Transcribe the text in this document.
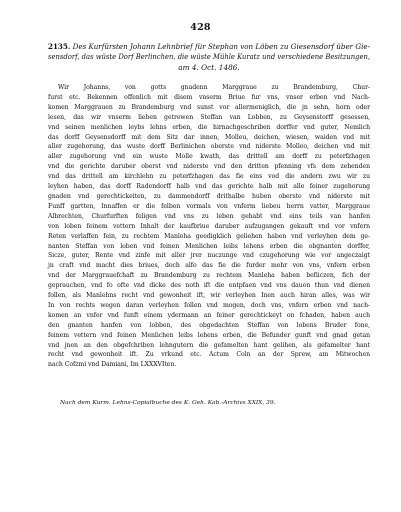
428
2135. Des Kurfürsten Johann Lehnbrief für Stephan von Löben zu Giesensdorf über Gie-
sensdorf, das wüste Dorf Berlinchen, die wüste Mühle Kuratz und verschiedene Besitzungen,
am 4. Oct. 1486.
Wir Johanns, von gotts gnadenn Marggraue zu Brandemburg, Chur-
furst etc. Bekennen offenlich mit disem vnserm Briue fur vns, vnser erben vnd Nach-
komen Marggrauen zu Brandemburg vnd sunst vor allermeniglich, die jn sehn, horn oder
lesen, das wir vnserm lieben getrewen Steffan van Lobben, zu Geysenstorff gesessen,
vnd seinen menlichen leybs lehns erben, die hirnachgeschriben dorffer vnd guter, Nemlich
das dorff Geysensdorff mit dem Sitz dar innen, Molleu, deichen, wiesen, waiden vnd mit
aller zugehorung, das wuste dorff Berlinichen oberste vnd niderste Molleo, deichen vnd mit
aller zugehorung vnd ein wuste Molle kwath, das drittell am dorff zu peterfzhagen
vnd die gerichte daruber oberst vnd niderste vnd den dritten pfenning vfs dem zehenden
vnd das drittell am kirchlehn zu peterfzhagen das fie eins vod die andern zwu wir zu
leyhen haben, das dorff Radendorff halb vnd das gerichte halb mit alle feiner zugehorung
gnaden vnd gerechtickeiten, zu dammendorff drithalbe huben oberste vnd niderste mit
Funff gartten, Innaffen er die felben vormals von vnferm liebeu herrn vatter, Marggraue
Albrechten, Churfurften feligen vnd vns zu leben gehabt vnd eins teils van hanfen
von loben feinem vettern Inhalt der kaufbriue daruber aufzugangen gekauft vnd vor vnfern
Reten verlaffen fein, zu rechtem Manleha geedigklich geliehen haben vnd verleyhen dem ge-
nanten Steffan von loben vnd feinen Menlichen leibs lehens erben die obgnanten dorffer,
Sicze, guter, Rente vnd zinfe mit aller jrer nuczunge vnd czugehorung wie vor angeczaigt
jn craft vnd macht dies briues, doch alfo das fie die furder mehr von vns, vnfern erben
vnd der Marggrauefchaft zu Brandemburg zu rechtem Manleha haben befiiczen, fich der
geprauchen, vnd fo ofte vnd dicke des noth ift die entpfaen vnd vns dauon thun vnd dienen
follen, als Manlehns recht vnd gewonheit ift, wir verleyhen Inen auch hiran alles, was wir
In von rechts wegen daran verleyhen follen vnd mogen, doch vns, vnfern erben vnd nach-
komen an vnfer vnd funft einem ydermann an feiner gerechtickeyt on fchaden, haben auch
den gnanten hanfen von lobben, des obgedachten Steffan von lobens Bruder fone,
feinem vettern vnd feinen Menlichen leibs lehens erben, die Befunder gunft vnd gnad getan
vnd jnen an den obgefchriben lehngutern die gefamelten hant gelihen, als gefamelter hant
recht vnd gewonheit ift. Zu vrkund etc. Actum Coln an der Sprew, am Mitwochen
nach Cofzmi vnd Damiani, Im LXXXVIten.
Nach dem Kurm. Lehns-Copialbuche des K. Geh. Kab.-Archivs XXIX, 39.
